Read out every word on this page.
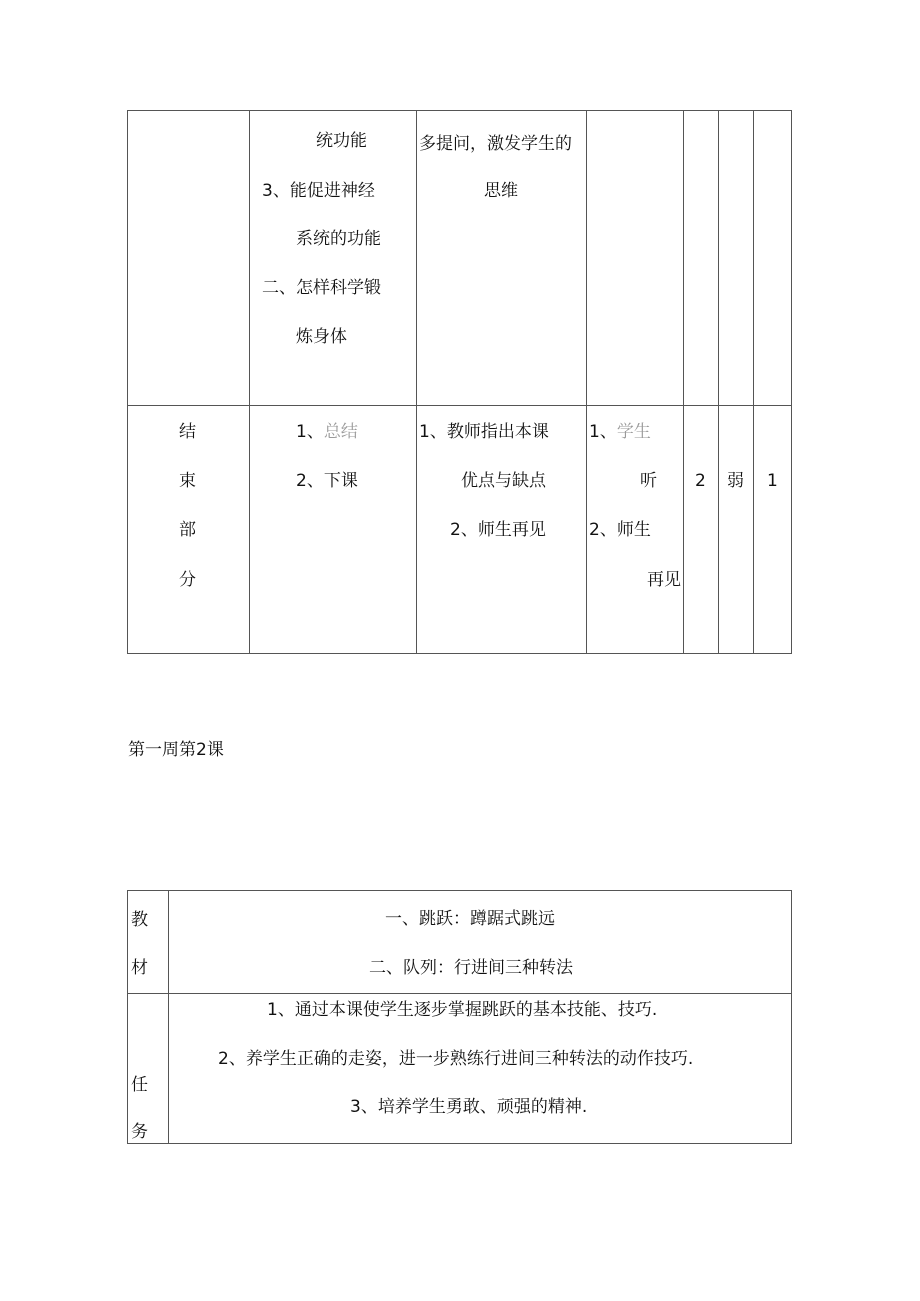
统功能
3、能促进神经
系统的功能
二、怎样科学锻
炼身体
多提问，激发学生的
思维
结
束
部
分
1、总结
2、下课
1、教师指出本课
优点与缺点
2、师生再见
1、学生
听
2、师生
再见
2 弱 1
第一周第2课
教
材
一、跳跃：蹲踞式跳远
二、队列：行进间三种转法
任
务
1、通过本课使学生逐步掌握跳跃的基本技能、技巧.
2、养学生正确的走姿，进一步熟练行进间三种转法的动作技巧.
3、培养学生勇敢、顽强的精神.
